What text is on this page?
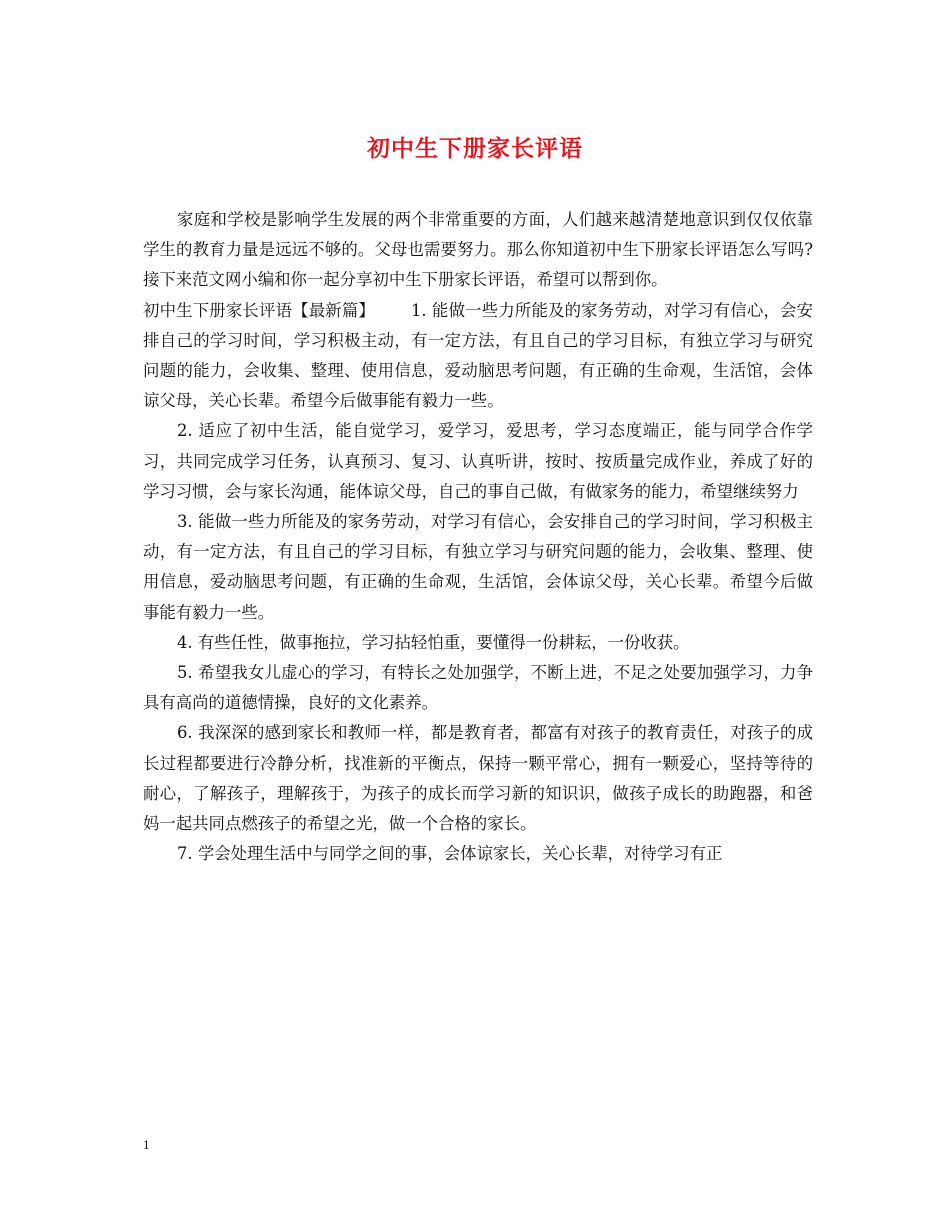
初中生下册家长评语

家庭和学校是影响学生发展的两个非常重要的方面，人们越来越清楚地意识到仅仅依靠学生的教育力量是远远不够的。父母也需要努力。那么你知道初中生下册家长评语怎么写吗?接下来范文网小编和你一起分享初中生下册家长评语，希望可以帮到你。

初中生下册家长评语【最新篇】 1. 能做一些力所能及的家务劳动，对学习有信心，会安排自己的学习时间，学习积极主动，有一定方法，有且自己的学习目标，有独立学习与研究问题的能力，会收集、整理、使用信息，爱动脑思考问题，有正确的生命观，生活馆，会体谅父母，关心长辈。希望今后做事能有毅力一些。

2. 适应了初中生活，能自觉学习，爱学习，爱思考，学习态度端正，能与同学合作学习，共同完成学习任务，认真预习、复习、认真听讲，按时、按质量完成作业，养成了好的学习习惯，会与家长沟通，能体谅父母，自己的事自己做，有做家务的能力，希望继续努力

3. 能做一些力所能及的家务劳动，对学习有信心，会安排自己的学习时间，学习积极主动，有一定方法，有且自己的学习目标，有独立学习与研究问题的能力，会收集、整理、使用信息，爱动脑思考问题，有正确的生命观，生活馆，会体谅父母，关心长辈。希望今后做事能有毅力一些。

4. 有些任性，做事拖拉，学习拈轻怕重，要懂得一份耕耘，一份收获。

5. 希望我女儿虚心的学习，有特长之处加强学，不断上进，不足之处要加强学习，力争具有高尚的道德情操，良好的文化素养。

6. 我深深的感到家长和教师一样，都是教育者，都富有对孩子的教育责任，对孩子的成长过程都要进行冷静分析，找准新的平衡点，保持一颗平常心，拥有一颗爱心，坚持等待的耐心，了解孩子，理解孩于，为孩子的成长而学习新的知识识，做孩子成长的助跑器，和爸妈一起共同点燃孩子的希望之光，做一个合格的家长。

7. 学会处理生活中与同学之间的事，会体谅家长，关心长辈，对待学习有正

1
